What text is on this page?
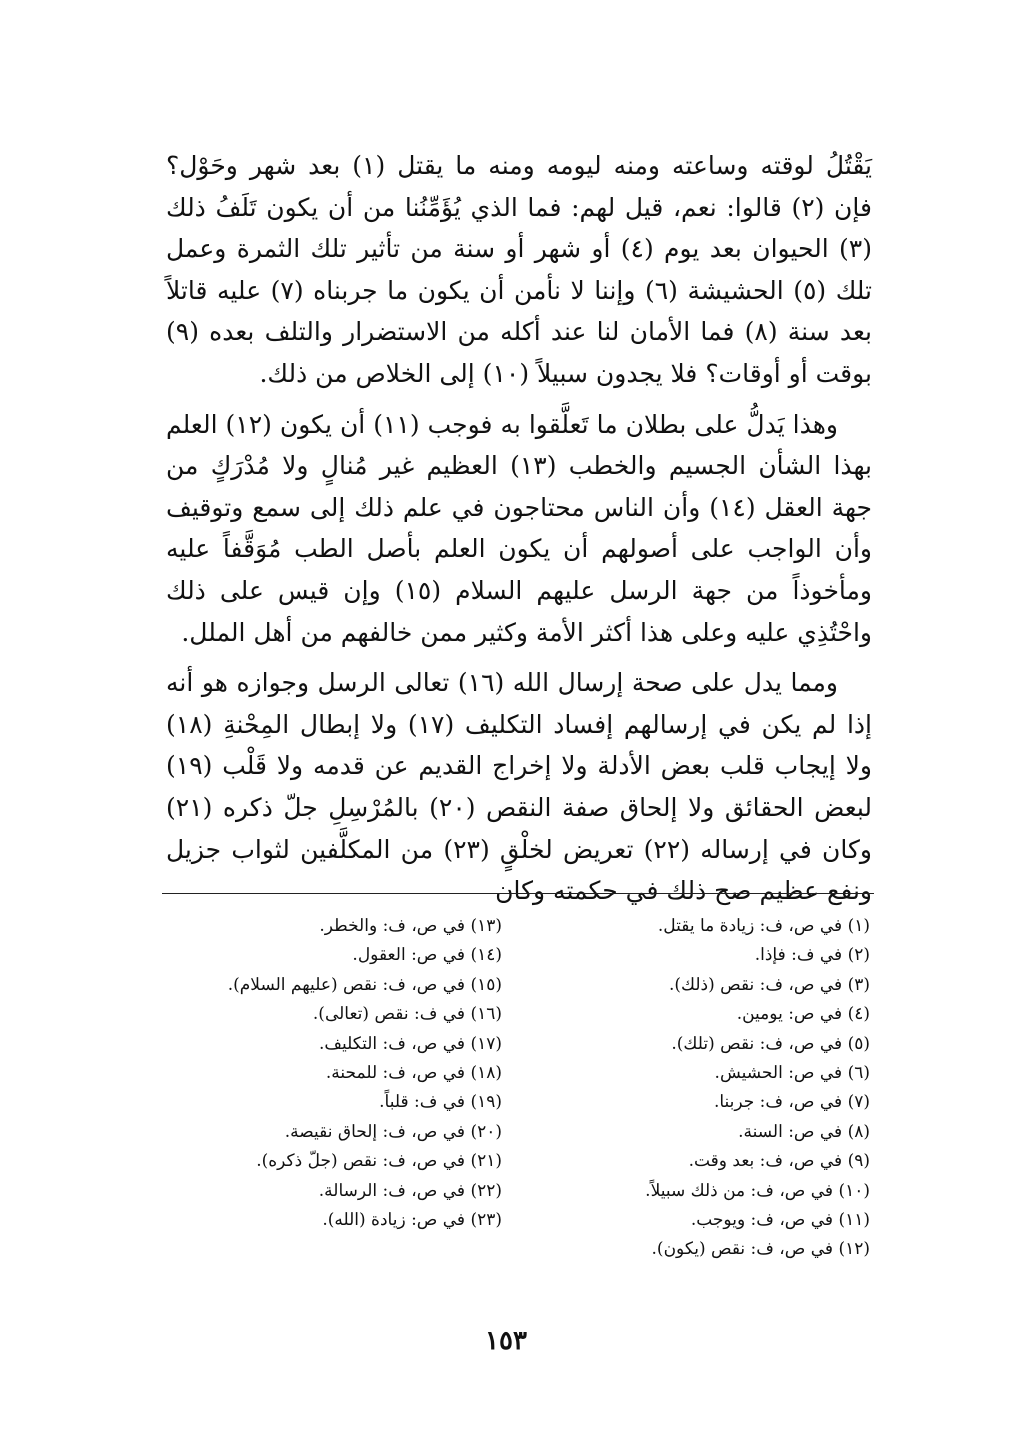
يَقْتُلُ لوقته وساعته ومنه ليومه ومنه ما يقتل (١) بعد شهر وحَوْل؟ فإن (٢) قالوا: نعم، قيل لهم: فما الذي يُؤَمِّنُنا من أن يكون تَلَفُ ذلك (٣) الحيوان بعد يوم (٤) أو شهر أو سنة من تأثير تلك الثمرة وعمل تلك (٥) الحشيشة (٦) وإننا لا نأمن أن يكون ما جربناه (٧) عليه قاتلاً بعد سنة (٨) فما الأمان لنا عند أكله من الاستضرار والتلف بعده (٩) بوقت أو أوقات؟ فلا يجدون سبيلاً (١٠) إلى الخلاص من ذلك.

وهذا يَدلُّ على بطلان ما تَعلَّقوا به فوجب (١١) أن يكون (١٢) العلم بهذا الشأن الجسيم والخطب (١٣) العظيم غير مُنالٍ ولا مُدْرَكٍ من جهة العقل (١٤) وأن الناس محتاجون في علم ذلك إلى سمع وتوقيف وأن الواجب على أصولهم أن يكون العلم بأصل الطب مُوَقَّفاً عليه ومأخوذاً من جهة الرسل عليهم السلام (١٥) وإن قيس على ذلك واحْتُذِي عليه وعلى هذا أكثر الأمة وكثير ممن خالفهم من أهل الملل.

ومما يدل على صحة إرسال الله (١٦) تعالى الرسل وجوازه هو أنه إذا لم يكن في إرسالهم إفساد التكليف (١٧) ولا إبطال المِحْنةِ (١٨) ولا إيجاب قلب بعض الأدلة ولا إخراج القديم عن قدمه ولا قَلْب (١٩) لبعض الحقائق ولا إلحاق صفة النقص (٢٠) بالمُرْسِلِ جلّ ذكره (٢١) وكان في إرساله (٢٢) تعريض لخلْقٍ (٢٣) من المكلَّفين لثواب جزيل ونفع عظيم صح ذلك في حكمته وكان

(١) في ص، ف: زيادة ما يقتل.
(٢) في ف: فإذا.
(٣) في ص، ف: نقص (ذلك).
(٤) في ص: يومين.
(٥) في ص، ف: نقص (تلك).
(٦) في ص: الحشيش.
(٧) في ص، ف: جربنا.
(٨) في ص: السنة.
(٩) في ص، ف: بعد وقت.
(١٠) في ص، ف: من ذلك سبيلاً.
(١١) في ص، ف: ويوجب.
(١٢) في ص، ف: نقص (يكون).
(١٣) في ص، ف: والخطر.
(١٤) في ص: العقول.
(١٥) في ص، ف: نقص (عليهم السلام).
(١٦) في ف: نقص (تعالى).
(١٧) في ص، ف: التكليف.
(١٨) في ص، ف: للمحنة.
(١٩) في ف: قلباً.
(٢٠) في ص، ف: إلحاق نقيصة.
(٢١) في ص، ف: نقص (جلّ ذكره).
(٢٢) في ص، ف: الرسالة.
(٢٣) في ص: زيادة (الله).
١٥٣
